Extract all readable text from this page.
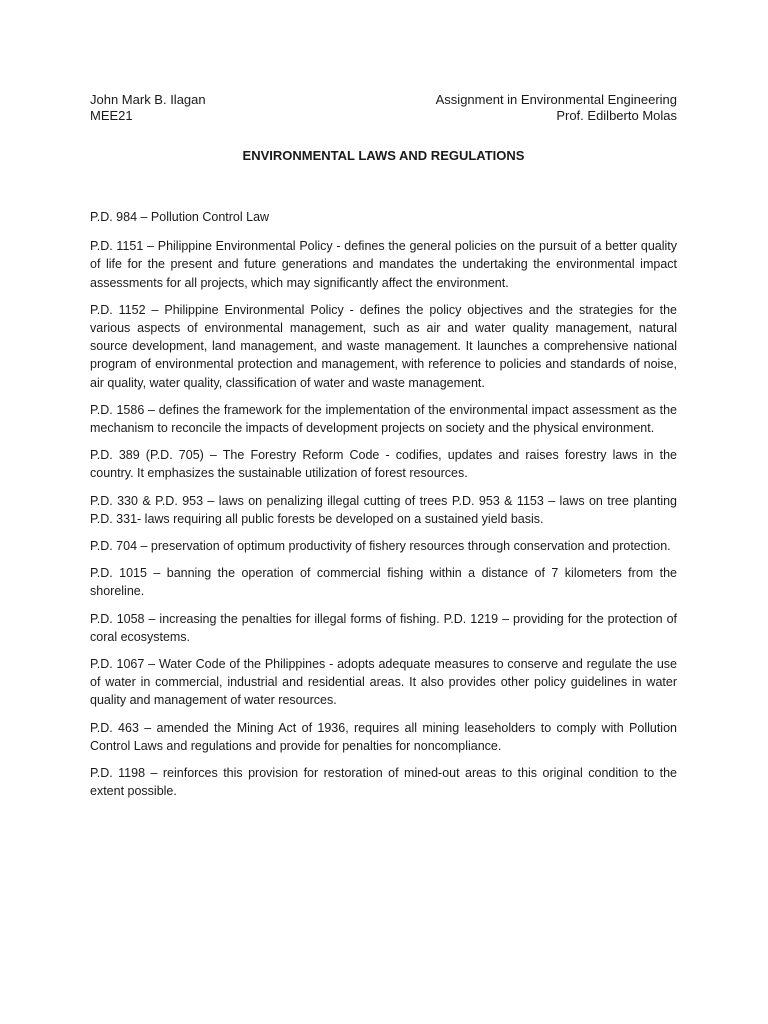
John Mark B. Ilagan
MEE21
Assignment in Environmental Engineering
Prof. Edilberto Molas
ENVIRONMENTAL LAWS AND REGULATIONS

P.D. 984 – Pollution Control Law

P.D. 1151 – Philippine Environmental Policy - defines the general policies on the pursuit of a better quality of life for the present and future generations and mandates the undertaking the environmental impact assessments for all projects, which may significantly affect the environment.

P.D. 1152 – Philippine Environmental Policy - defines the policy objectives and the strategies for the various aspects of environmental management, such as air and water quality management, natural source development, land management, and waste management. It launches a comprehensive national program of environmental protection and management, with reference to policies and standards of noise, air quality, water quality, classification of water and waste management.

P.D. 1586 – defines the framework for the implementation of the environmental impact assessment as the mechanism to reconcile the impacts of development projects on society and the physical environment.

P.D. 389 (P.D. 705) – The Forestry Reform Code - codifies, updates and raises forestry laws in the country. It emphasizes the sustainable utilization of forest resources.

P.D. 330 & P.D. 953 – laws on penalizing illegal cutting of trees P.D. 953 & 1153 – laws on tree planting P.D. 331- laws requiring all public forests be developed on a sustained yield basis.

P.D. 704 – preservation of optimum productivity of fishery resources through conservation and protection.

P.D. 1015 – banning the operation of commercial fishing within a distance of 7 kilometers from the shoreline.

P.D. 1058 – increasing the penalties for illegal forms of fishing. P.D. 1219 – providing for the protection of coral ecosystems.

P.D. 1067 – Water Code of the Philippines - adopts adequate measures to conserve and regulate the use of water in commercial, industrial and residential areas. It also provides other policy guidelines in water quality and management of water resources.

P.D. 463 – amended the Mining Act of 1936, requires all mining leaseholders to comply with Pollution Control Laws and regulations and provide for penalties for noncompliance.

P.D. 1198 – reinforces this provision for restoration of mined-out areas to this original condition to the extent possible.
